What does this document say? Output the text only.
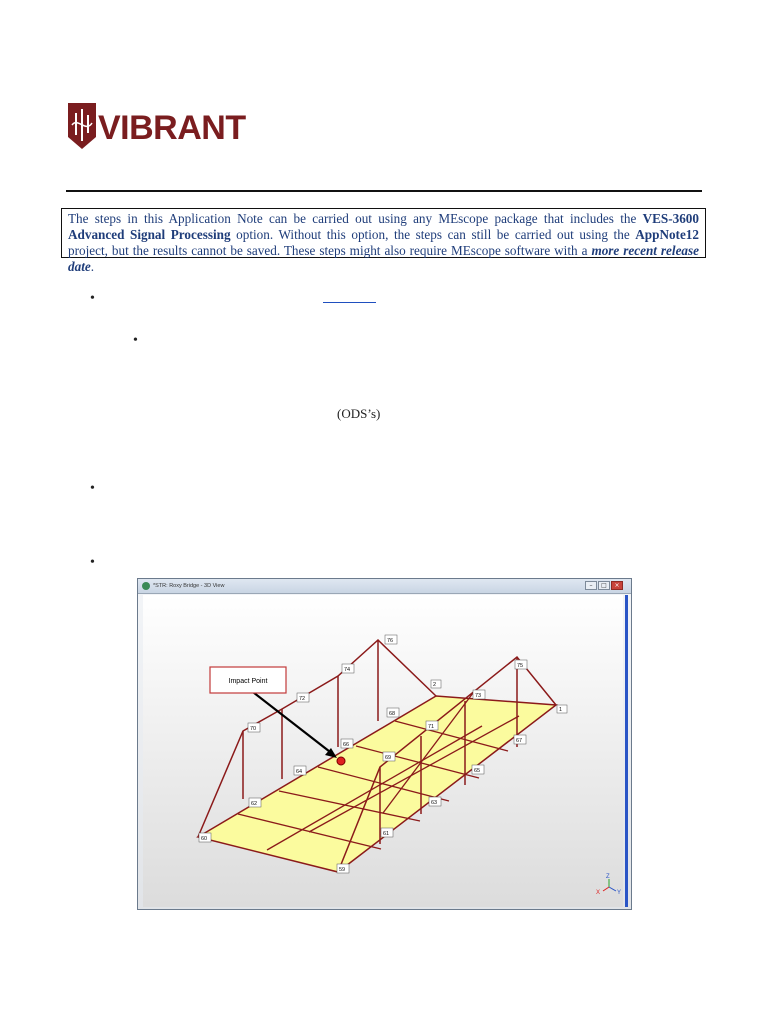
VIBRANT
The steps in this Application Note can be carried out using any MEscope package that includes the VES-3600 Advanced Signal Processing option. Without this option, the steps can still be carried out using the AppNote12 project, but the results cannot be saved. These steps might also require MEscope software with a more recent release date.
•
•
(ODS’s)
•
•
*STR: Roxy Bridge - 3D View	–	□	×
Impact Point
1
2
59
60
61
62	63
64	65
66
67
68
69
70	71
72	73
74
75
76
Z
X	Y
